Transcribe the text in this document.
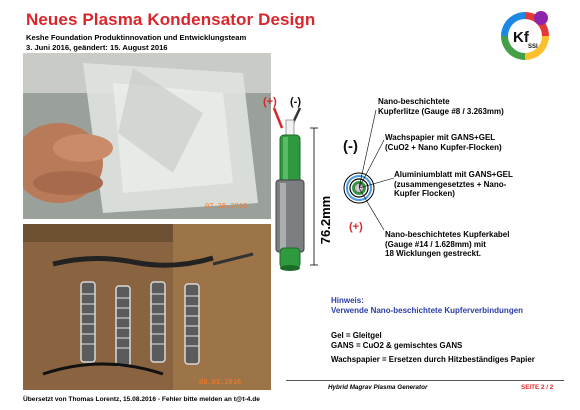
Neues Plasma Kondensator Design
Keshe Foundation Produktinnovation und Entwicklungsteam
3. Juni 2016, geändert: 15. August 2016
Kf
SSI
07.28.2016
08.03.2016
76.2mm
(+) (-)
(-)
(+)
Nano-beschichtete
Kupferlitze (Gauge #8 / 3.263mm)
Wachspapier mit GANS+GEL
(CuO2 + Nano Kupfer-Flocken)
Aluminiumblatt mit GANS+GEL
(zusammengesetztes + Nano-
Kupfer Flocken)
Nano-beschichtetes Kupferkabel
(Gauge #14 / 1.628mm) mit
18 Wicklungen gestreckt.
Hinweis:
Verwende Nano-beschichtete Kupferverbindungen
Gel = Gleitgel
GANS = CuO2 & gemischtes GANS
Wachspapier = Ersetzen durch Hitzbeständiges Papier
Übersetzt von Thomas Lorentz, 15.08.2016 - Fehler bitte melden an t@t-4.de
Hybrid Magrav Plasma Generator	SEITE 2 / 2
